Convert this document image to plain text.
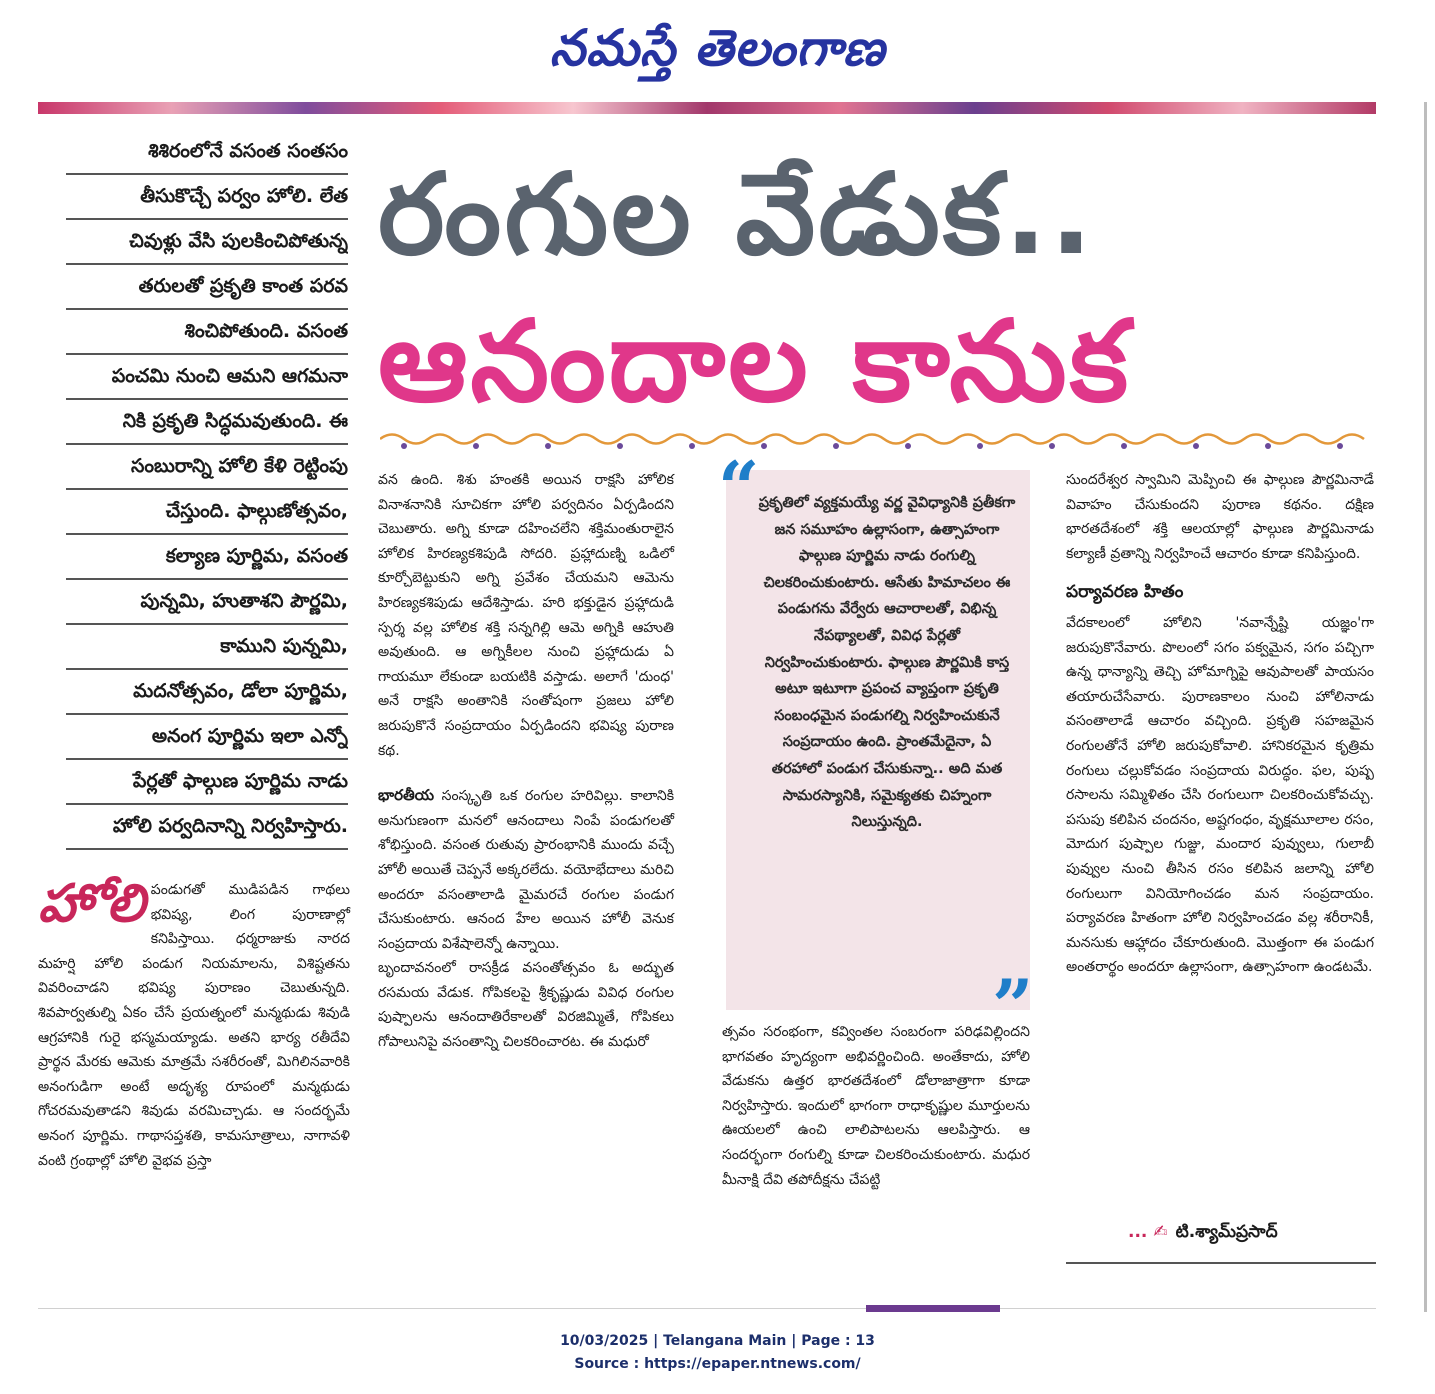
నమస్తే తెలంగాణ
శిశిరంలోనే వసంత సంతసం
తీసుకొచ్చే పర్వం హోలి. లేత
చివుళ్లు వేసి పులకించిపోతున్న
తరులతో ప్రకృతి కాంత పరవ
శించిపోతుంది. వసంత
పంచమి నుంచి ఆమని ఆగమనా
నికి ప్రకృతి సిద్ధమవుతుంది. ఈ
సంబురాన్ని హోలి కేళి రెట్టింపు
చేస్తుంది. ఫాల్గుణోత్సవం,
కల్యాణ పూర్ణిమ, వసంత
పున్నమి, హుతాశని పౌర్ణమి,
కాముని పున్నమి,
మదనోత్సవం, డోలా పూర్ణిమ,
అనంగ పూర్ణిమ ఇలా ఎన్నో
పేర్లతో ఫాల్గుణ పూర్ణిమ నాడు
హోలి పర్వదినాన్ని నిర్వహిస్తారు.
రంగుల వేడుక..
ఆనందాల కానుక
హోలి పండుగతో ముడిపడిన గాథలు భవిష్య, లింగ పురాణాల్లో కనిపిస్తాయి. ధర్మరాజుకు నారద మహర్షి హోలి పండుగ నియమాలను, విశిష్టతను వివరించాడని భవిష్య పురాణం చెబుతున్నది. శివపార్వతుల్ని ఏకం చేసే ప్రయత్నంలో మన్మథుడు శివుడి ఆగ్రహానికి గురై భస్మమయ్యాడు. అతని భార్య రతీదేవి ప్రార్థన మేరకు ఆమెకు మాత్రమే సశరీరంతో, మిగిలినవారికి అనంగుడిగా అంటే అదృశ్య రూపంలో మన్మథుడు గోచరమవుతాడని శివుడు వరమిచ్చాడు. ఆ సందర్భమే అనంగ పూర్ణిమ. గాథాసప్తశతి, కామసూత్రాలు, నాగావళి వంటి గ్రంథాల్లో హోలి వైభవ ప్రస్తా

వన ఉంది. శిశు హంతకి అయిన రాక్షసి హోలిక వినాశనానికి సూచికగా హోలి పర్వదినం ఏర్పడిందని చెబుతారు. అగ్ని కూడా దహించలేని శక్తిమంతురాలైన హోలిక హిరణ్యకశిపుడి సోదరి. ప్రహ్లాదుణ్ని ఒడిలో కూర్చోబెట్టుకుని అగ్ని ప్రవేశం చేయమని ఆమెను హిరణ్యకశిపుడు ఆదేశిస్తాడు. హరి భక్తుడైన ప్రహ్లాదుడి స్పర్శ వల్ల హోలిక శక్తి సన్నగిల్లి ఆమె అగ్నికి ఆహుతి అవుతుంది. ఆ అగ్నికీలల నుంచి ప్రహ్లాదుడు ఏ గాయమూ లేకుండా బయటికి వస్తాడు. అలాగే 'దుంధ' అనే రాక్షసి అంతానికి సంతోషంగా ప్రజలు హోలి జరుపుకొనే సంప్రదాయం ఏర్పడిందని భవిష్య పురాణ కథ.

భారతీయ సంస్కృతి ఒక రంగుల హరివిల్లు. కాలానికి అనుగుణంగా మనలో ఆనందాలు నింపే పండుగలతో శోభిస్తుంది. వసంత రుతువు ప్రారంభానికి ముందు వచ్చే హోలీ అయితే చెప్పనే అక్కరలేదు. వయోభేదాలు మరిచి అందరూ వసంతాలాడి మైమరచే రంగుల పండుగ చేసుకుంటారు. ఆనంద హేల అయిన హోలీ వెనుక సంప్రదాయ విశేషాలెన్నో ఉన్నాయి.

బృందావనంలో రాసక్రీడ వసంతోత్సవం ఓ అద్భుత రసమయ వేడుక. గోపికలపై శ్రీకృష్ణుడు వివిధ రంగుల పుష్పాలను ఆనందాతిరేకాలతో విరజిమ్మితే, గోపికలు గోపాలునిపై వసంతాన్ని చిలకరించారట. ఈ మధురో

“ ప్రకృతిలో వ్యక్తమయ్యే వర్ణ వైవిధ్యానికి ప్రతీకగా జన సమూహం ఉల్లాసంగా, ఉత్సాహంగా ఫాల్గుణ పూర్ణిమ నాడు రంగుల్ని చిలకరించుకుంటారు. ఆసేతు హిమాచలం ఈ పండుగను వేర్వేరు ఆచారాలతో, విభిన్న నేపథ్యాలతో, వివిధ పేర్లతో నిర్వహించుకుంటారు. ఫాల్గుణ పౌర్ణమికి కాస్త అటూ ఇటూగా ప్రపంచ వ్యాప్తంగా ప్రకృతి సంబంధమైన పండుగల్ని నిర్వహించుకునే సంప్రదాయం ఉంది. ప్రాంతమేదైనా, ఏ తరహాలో పండుగ చేసుకున్నా.. అది మత సామరస్యానికి, సమైక్యతకు చిహ్నంగా నిలుస్తున్నది.
”

త్సవం సరంభంగా, కవ్వింతల సంబరంగా పరిఢవిల్లిందని భాగవతం హృద్యంగా అభివర్ణించింది. అంతేకాదు, హోలి వేడుకను ఉత్తర భారతదేశంలో డోలాజాత్రాగా కూడా నిర్వహిస్తారు. ఇందులో భాగంగా రాధాకృష్ణుల మూర్తులను ఊయలలో ఉంచి లాలిపాటలను ఆలపిస్తారు. ఆ సందర్భంగా రంగుల్ని కూడా చిలకరించుకుంటారు. మధుర మీనాక్షి దేవి తపోదీక్షను చేపట్టి

సుందరేశ్వర స్వామిని మెప్పించి ఈ ఫాల్గుణ పౌర్ణమినాడే వివాహం చేసుకుందని పురాణ కథనం. దక్షిణ భారతదేశంలో శక్తి ఆలయాల్లో ఫాల్గుణ పౌర్ణమినాడు కల్యాణీ వ్రతాన్ని నిర్వహించే ఆచారం కూడా కనిపిస్తుంది.

పర్యావరణ హితం

వేదకాలంలో హోలిని 'నవాన్నేష్టి యజ్ఞం'గా జరుపుకొనేవారు. పొలంలో సగం పక్వమైన, సగం పచ్చిగా ఉన్న ధాన్యాన్ని తెచ్చి హోమాగ్నిపై ఆవుపాలతో పాయసం తయారుచేసేవారు. పురాణకాలం నుంచి హోలినాడు వసంతాలాడే ఆచారం వచ్చింది. ప్రకృతి సహజమైన రంగులతోనే హోలి జరుపుకోవాలి. హానికరమైన కృత్రిమ రంగులు చల్లుకోవడం సంప్రదాయ విరుద్ధం. ఫల, పుష్ప రసాలను సమ్మిళితం చేసి రంగులుగా చిలకరించుకోవచ్చు. పసుపు కలిపిన చందనం, అష్టగంధం, వృక్షమూలాల రసం, మోదుగ పుష్పాల గుజ్జు, మందార పువ్వులు, గులాబీ పువ్వుల నుంచి తీసిన రసం కలిపిన జలాన్ని హోలి రంగులుగా వినియోగించడం మన సంప్రదాయం. పర్యావరణ హితంగా హోలి నిర్వహించడం వల్ల శరీరానికీ, మనసుకు ఆహ్లాదం చేకూరుతుంది. మొత్తంగా ఈ పండుగ అంతరార్థం అందరూ ఉల్లాసంగా, ఉత్సాహంగా ఉండటమే.

... ✍ టి.శ్యామ్‌ప్రసాద్
10/03/2025 | Telangana Main | Page : 13
Source : https://epaper.ntnews.com/
